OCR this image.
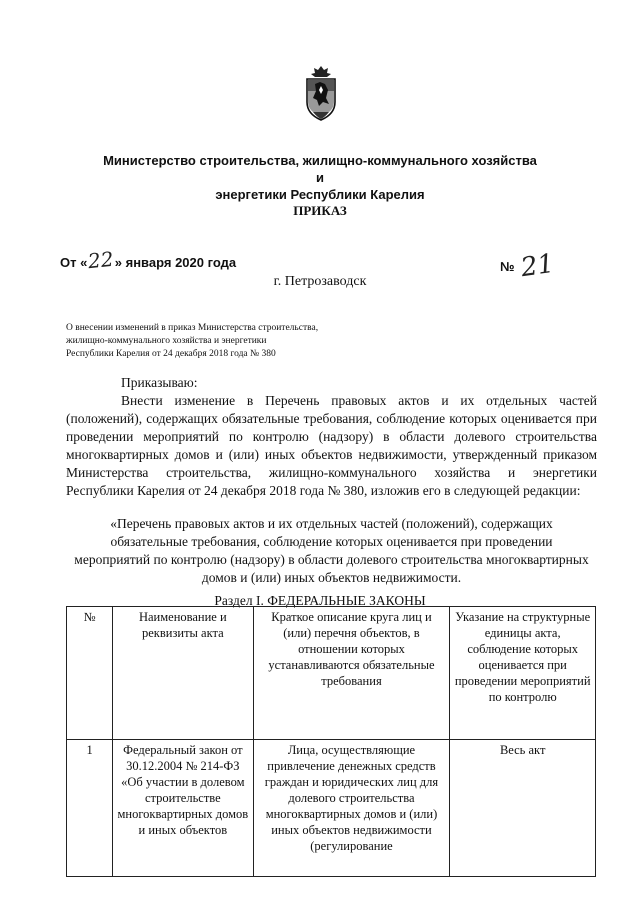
Министерство строительства, жилищно-коммунального хозяйства и
энергетики Республики Карелия
ПРИКАЗ
От «22» января 2020 года	№ 21
г. Петрозаводск
О внесении изменений в приказ Министерства строительства,
жилищно-коммунального хозяйства и энергетики
Республики Карелия от 24 декабря 2018 года № 380

Приказываю:

Внести изменение в Перечень правовых актов и их отдельных частей (положений), содержащих обязательные требования, соблюдение которых оценивается при проведении мероприятий по контролю (надзору) в области долевого строительства многоквартирных домов и (или) иных объектов недвижимости, утвержденный приказом Министерства строительства, жилищно-коммунального хозяйства и энергетики

Республики Карелия от 24 декабря 2018 года № 380, изложив его в следующей редакции:

«Перечень правовых актов и их отдельных частей (положений), содержащих
обязательные требования, соблюдение которых оценивается при проведении
мероприятий по контролю (надзору) в области долевого строительства многоквартирных
домов и (или) иных объектов недвижимости.
Раздел I. ФЕДЕРАЛЬНЫЕ ЗАКОНЫ
№	Наименование и реквизиты акта	Краткое описание круга лиц и (или) перечня объектов, в отношении которых устанавливаются обязательные требования	Указание на структурные единицы акта, соблюдение которых оценивается при проведении мероприятий по контролю
1	Федеральный закон от 30.12.2004 № 214-ФЗ «Об участии в долевом строительстве многоквартирных домов и иных объектов	Лица, осуществляющие привлечение денежных средств граждан и юридических лиц для долевого строительства многоквартирных домов и (или) иных объектов недвижимости (регулирование	Весь акт
